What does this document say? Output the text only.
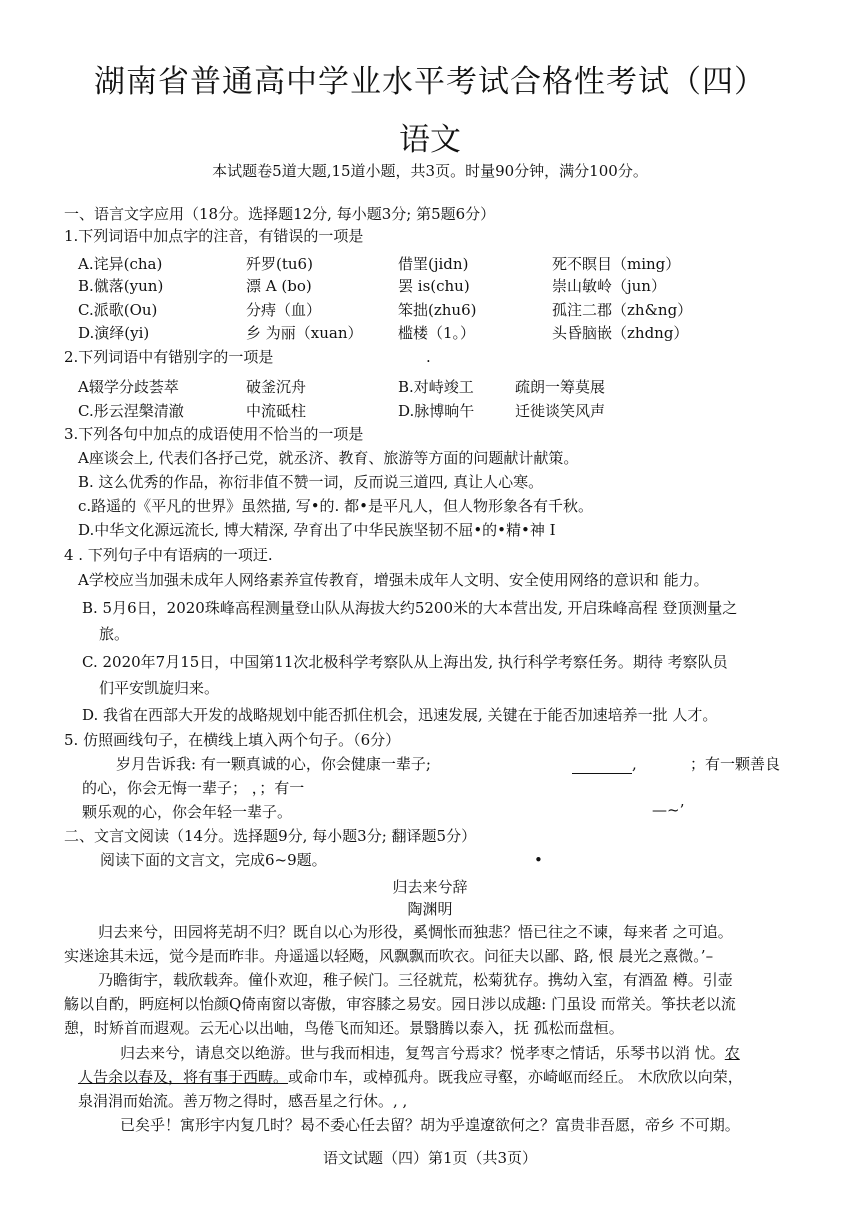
湖南省普通高中学业水平考试合格性考试（四）
语文
本试题卷5道大题,15道小题，共3页。时量90分钟，满分100分。
一、语言文字应用（18分。选择题12分, 每小题3分; 第5题6分）
1.下列词语中加点字的注音，有错误的一项是
A.诧异(cha)	歼罗(tu6)	借罣(jidn)	死不瞑目（ming）
B.僦落(yun)	漂 A (bo)	罢 is(chu)	崇山敏岭（jun）
C.派歌(Ou)	分痔（血）	笨拙(zhu6)	孤注二郡（zh&ng）
D.演绎(yi)	乡 为丽（xuan） 槛楼（1。）	头昏脑嵌（zhdng）
2.下列词语中有错别字的一项是	.
A辍学分歧荟萃	破釜沉舟	B.对峙竣工	疏朗一筹莫展
C.彤云涅槃清澈	中流砥柱	D.脉博晌午	迁徙谈笑风声
3.下列各句中加点的成语使用不恰当的一项是
A座谈会上, 代表们各抒己党，就丞济、教育、旅游等方面的问题献计献策。
B. 这么优秀的作品，祢衍非值不赞一词，反而说三道四, 真让人心寒。
c.路遥的《平凡的世界》虽然描, 写•的. 都•是平凡人，但人物形象各有千秋。
D.中华文化源远流长, 博大精深, 孕育出了中华民族坚韧不屈•的•精•神 I
4 . 下列句子中有语病的一项迂.
A学校应当加强未成年人网络素养宣传教育，增强未成年人文明、安全使用网络的意识和 能力。
B. 5月6日，2020珠峰高程测量登山队从海拔大约5200米的大本营出发, 开启珠峰高程 登顶测量之
旅。
C. 2020年7月15日，中国第11次北极科学考察队从上海出发, 执行科学考察任务。期待 考察队员
们平安凯旋归来。
D. 我省在西部大开发的战略规划中能否抓住机会，迅速发展, 关键在于能否加速培养一批 人才。
5. 仿照画线句子，在横线上填入两个句子。（6分）
岁月告诉我: 有一颗真诚的心，你会健康一辈子;	,	；有一颗善良
的心，你会无悔一辈子； ，；有一
颗乐观的心，你会年轻一辈子。	—~’
二、文言文阅读（14分。选择题9分, 每小题3分; 翻译题5分）
阅读下面的文言文，完成6~9题。	•
归去来兮辞
陶渊明
归去来兮，田园将芜胡不归？既自以心为形役，奚惆怅而独悲？悟已往之不谏，每来者 之可追。
实迷途其未远，觉今是而昨非。舟遥遥以轻飏，风飘飘而吹衣。问征夫以鄙、路, 恨 晨光之熹微。’–
乃瞻街宇，载欣载奔。僮仆欢迎，稚子候门。三径就荒，松菊犹存。携幼入室，有酒盈 樽。引壶
觞以自酌，眄庭柯以怡颜Q倚南窗以寄傲，审容膝之易安。园日涉以成趣: 门虽设 而常关。筝扶老以流
憩，时矫首而遐观。云无心以出岫，鸟倦飞而知还。景翳腾以泰入，抚 孤松而盘桓。
归去来兮，请息交以绝游。世与我而相违，复驾言兮焉求？悦孝枣之情话，乐琴书以消 忧。农
人告余以春及，将有事于西畴。或命巾车，或棹孤舟。既我应寻壑，亦崎岖而经丘。 木欣欣以向荣，
泉涓涓而始流。善万物之得时，感吾星之行休。, ,
已矣乎！寓形宇内复几时？曷不委心任去留？胡为乎遑遼欲何之？富贵非吾愿，帝乡 不可期。
语文试题（四）第1页（共3页）
